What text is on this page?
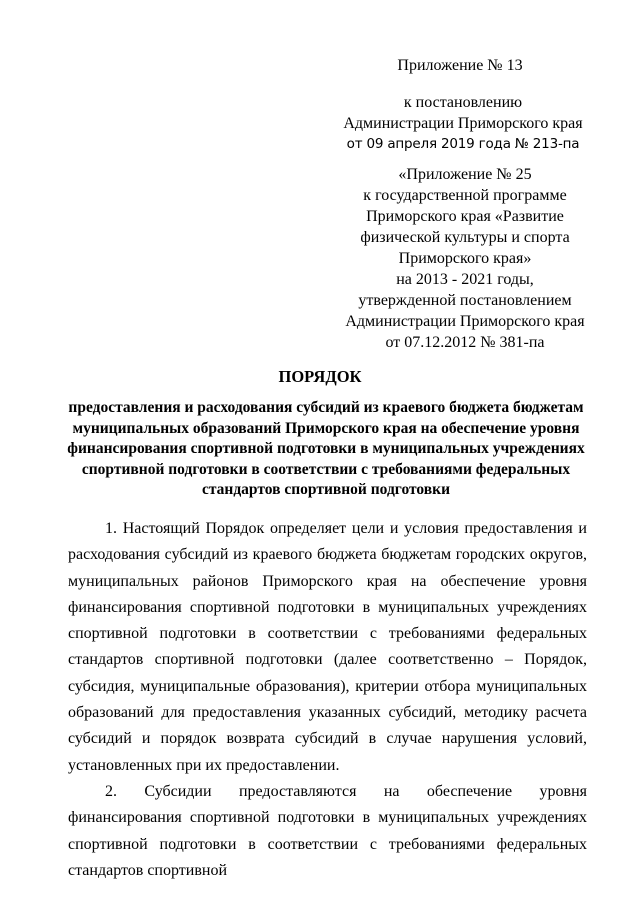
Приложение № 13
к постановлению
Администрации Приморского края
от 09 апреля 2019 года № 213-па
«Приложение № 25
к государственной программе
Приморского края «Развитие
физической культуры и спорта
Приморского края»
на 2013 - 2021 годы,
утвержденной постановлением
Администрации Приморского края
от 07.12.2012 № 381-па
ПОРЯДОК
предоставления и расходования субсидий из краевого бюджета бюджетам
муниципальных образований Приморского края на обеспечение уровня
финансирования спортивной подготовки в муниципальных учреждениях
спортивной подготовки в соответствии с требованиями федеральных
стандартов спортивной подготовки

1. Настоящий Порядок определяет цели и условия предоставления и расходования субсидий из краевого бюджета бюджетам городских округов, муниципальных районов Приморского края на обеспечение уровня финансирования спортивной подготовки в муниципальных учреждениях спортивной подготовки в соответствии с требованиями федеральных стандартов спортивной подготовки (далее соответственно – Порядок, субсидия, муниципальные образования), критерии отбора муниципальных образований для предоставления указанных субсидий, методику расчета субсидий и порядок возврата субсидий в случае нарушения условий, установленных при их предоставлении.

2. Субсидии предоставляются на обеспечение уровня финансирования спортивной подготовки в муниципальных учреждениях спортивной подготовки в соответствии с требованиями федеральных стандартов спортивной
